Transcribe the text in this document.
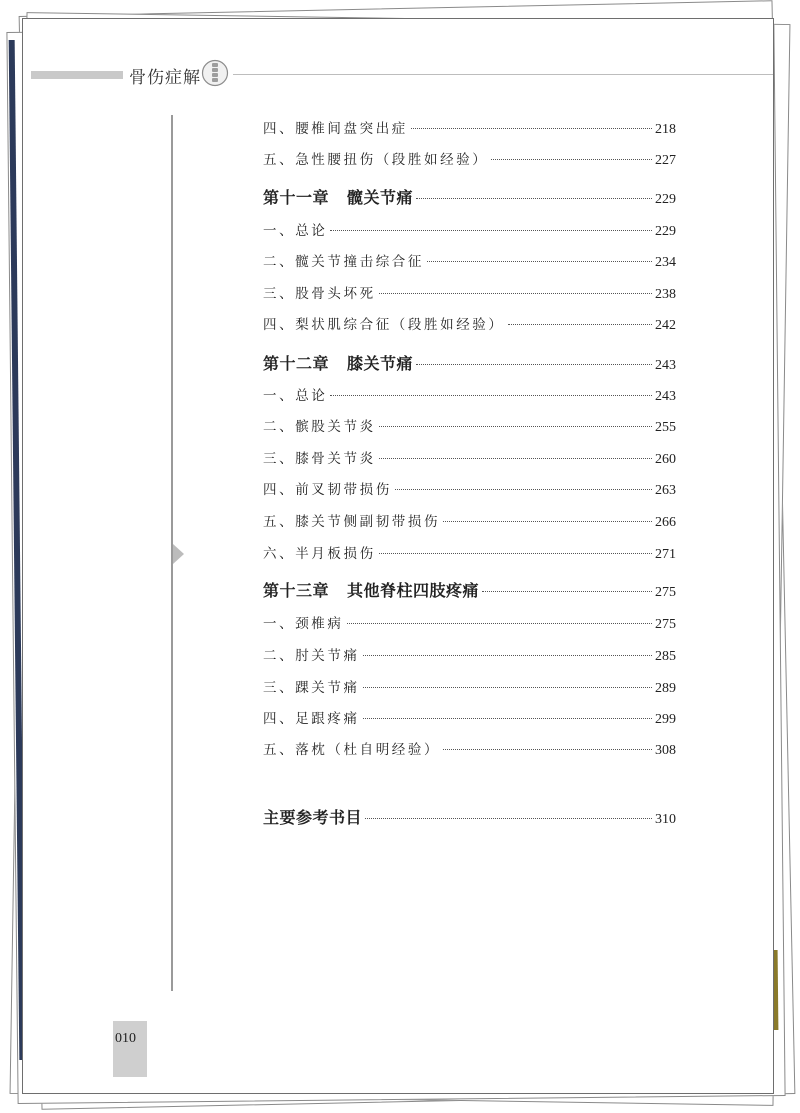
骨伤症解
四、腰椎间盘突出症	218
五、急性腰扭伤（段胜如经验）	227
第十一章 髋关节痛	229
一、总论	229
二、髋关节撞击综合征	234
三、股骨头坏死	238
四、梨状肌综合征（段胜如经验）	242
第十二章 膝关节痛	243
一、总论	243
二、髌股关节炎	255
三、膝骨关节炎	260
四、前叉韧带损伤	263
五、膝关节侧副韧带损伤	266
六、半月板损伤	271
第十三章 其他脊柱四肢疼痛	275
一、颈椎病	275
二、肘关节痛	285
三、踝关节痛	289
四、足跟疼痛	299
五、落枕（杜自明经验）	308
主要参考书目	310
010
